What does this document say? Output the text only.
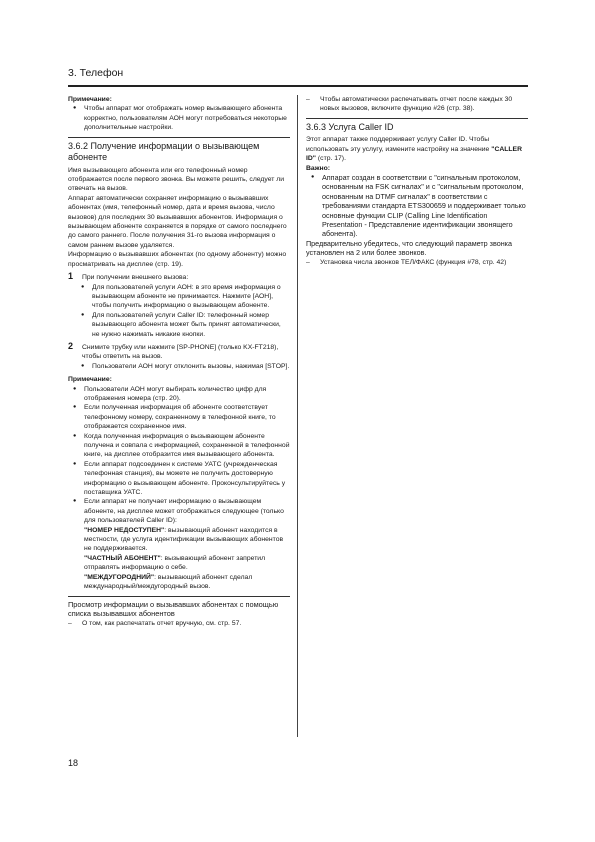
3. Телефон

Примечание:

● Чтобы аппарат мог отображать номер вызывающего абонента корректно, пользователям АОН могут потребоваться некоторые дополнительные настройки.

3.6.2 Получение информации о вызывающем абоненте

Имя вызывающего абонента или его телефонный номер отображается после первого звонка. Вы можете решить, следует ли отвечать на вызов.

Аппарат автоматически сохраняет информацию о вызывавших абонентах (имя, телефонный номер, дата и время вызова, число вызовов) для последних 30 вызывавших абонентов. Информация о вызывающем абоненте сохраняется в порядке от самого последнего до самого раннего. После получения 31-го вызова информация о самом раннем вызове удаляется.

Информацию о вызывавших абонентах (по одному абоненту) можно просматривать на дисплее (стр. 19).

1 При получении внешнего вызова:

● Для пользователей услуги АОН: в это время информация о вызывающем абоненте не принимается. Нажмите [АОН], чтобы получить информацию о вызывающем абоненте.

● Для пользователей услуги Caller ID: телефонный номер вызывающего абонента может быть принят автоматически, не нужно нажимать никакие кнопки.

2 Снимите трубку или нажмите [SP-PHONE] (только KX-FT218), чтобы ответить на вызов.

● Пользователи АОН могут отклонить вызовы, нажимая [STOP].

Примечание:

● Пользователи АОН могут выбирать количество цифр для отображения номера (стр. 20).

● Если полученная информация об абоненте соответствует телефонному номеру, сохраненному в телефонной книге, то отображается сохраненное имя.

● Когда полученная информация о вызывающем абоненте получена и совпала с информацией, сохраненной в телефонной книге, на дисплее отобразится имя вызывающего абонента.

● Если аппарат подсоединен к системе УАТС (учрежденческая телефонная станция), вы можете не получить достоверную информацию о вызывающем абоненте. Проконсультируйтесь у поставщика УАТС.

● Если аппарат не получает информацию о вызывающем абоненте, на дисплее может отображаться следующее (только для пользователей Caller ID):

"НОМЕР НЕДОСТУПЕН": вызывающий абонент находится в местности, где услуга идентификации вызывающих абонентов не поддерживается.

"ЧАСТНЫЙ АБОНЕНТ": вызывающий абонент запретил отправлять информацию о себе.

"МЕЖДУГОРОДНИЙ": вызывающий абонент сделал международный/междугородный вызов.

Просмотр информации о вызывавших абонентах с помощью списка вызывавших абонентов

– О том, как распечатать отчет вручную, см. стр. 57.

– Чтобы автоматически распечатывать отчет после каждых 30 новых вызовов, включите функцию #26 (стр. 38).

3.6.3 Услуга Caller ID

Этот аппарат также поддерживает услугу Caller ID. Чтобы использовать эту услугу, измените настройку на значение "CALLER ID" (стр. 17).

Важно:

● Аппарат создан в соответствии с "сигнальным протоколом, основанным на FSK сигналах" и с "сигнальным протоколом, основанным на DTMF сигналах" в соответствии с требованиями стандарта ETS300659 и поддерживает только основные функции CLIP (Calling Line Identification Presentation - Представление идентификации звонящего абонента).

Предварительно убедитесь, что следующий параметр звонка установлен на 2 или более звонков.

– Установка числа звонков ТЕЛ/ФАКС (функция #78, стр. 42)

18
